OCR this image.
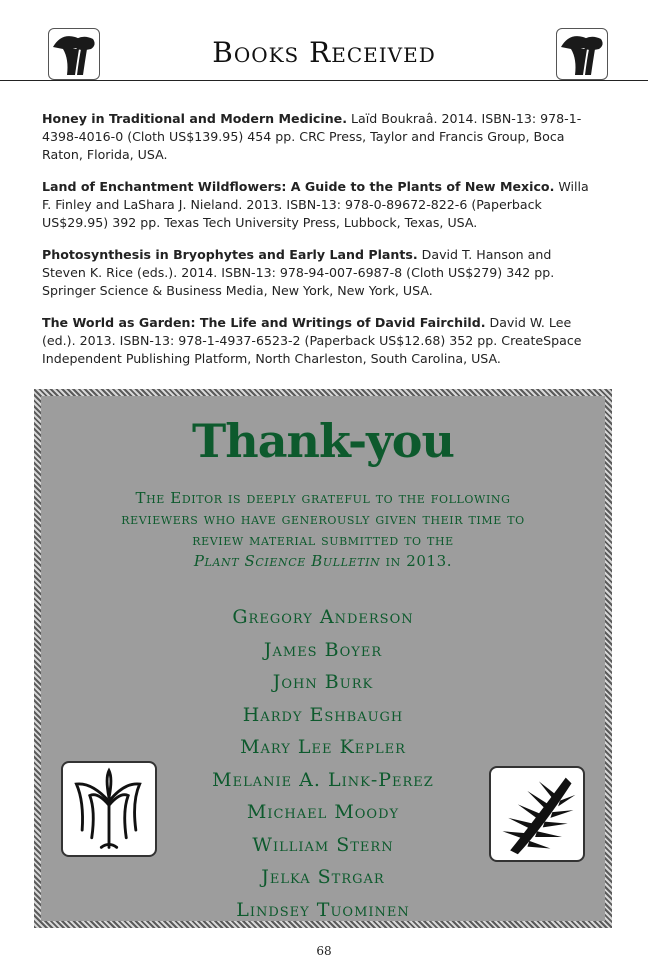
Books Received

Honey in Traditional and Modern Medicine. Laïd Boukraâ. 2014. ISBN-13: 978-1-4398-4016-0 (Cloth US$139.95) 454 pp. CRC Press, Taylor and Francis Group, Boca Raton, Florida, USA.

Land of Enchantment Wildflowers: A Guide to the Plants of New Mexico. Willa F. Finley and LaShara J. Nieland. 2013. ISBN-13: 978-0-89672-822-6 (Paperback US$29.95) 392 pp. Texas Tech University Press, Lubbock, Texas, USA.

Photosynthesis in Bryophytes and Early Land Plants. David T. Hanson and Steven K. Rice (eds.). 2014. ISBN-13: 978-94-007-6987-8 (Cloth US$279) 342 pp. Springer Science & Business Media, New York, New York, USA.

The World as Garden: The Life and Writings of David Fairchild. David W. Lee (ed.). 2013. ISBN-13: 978-1-4937-6523-2 (Paperback US$12.68) 352 pp. CreateSpace Independent Publishing Platform, North Charleston, South Carolina, USA.

Thank-you
The Editor is deeply grateful to the following
reviewers who have generously given their time to
review material submitted to the
Plant Science Bulletin in 2013.
Gregory Anderson
James Boyer
John Burk
Hardy Eshbaugh
Mary Lee Kepler
Melanie A. Link-Perez
Michael Moody
William Stern
Jelka Strgar
Lindsey Tuominen
68
